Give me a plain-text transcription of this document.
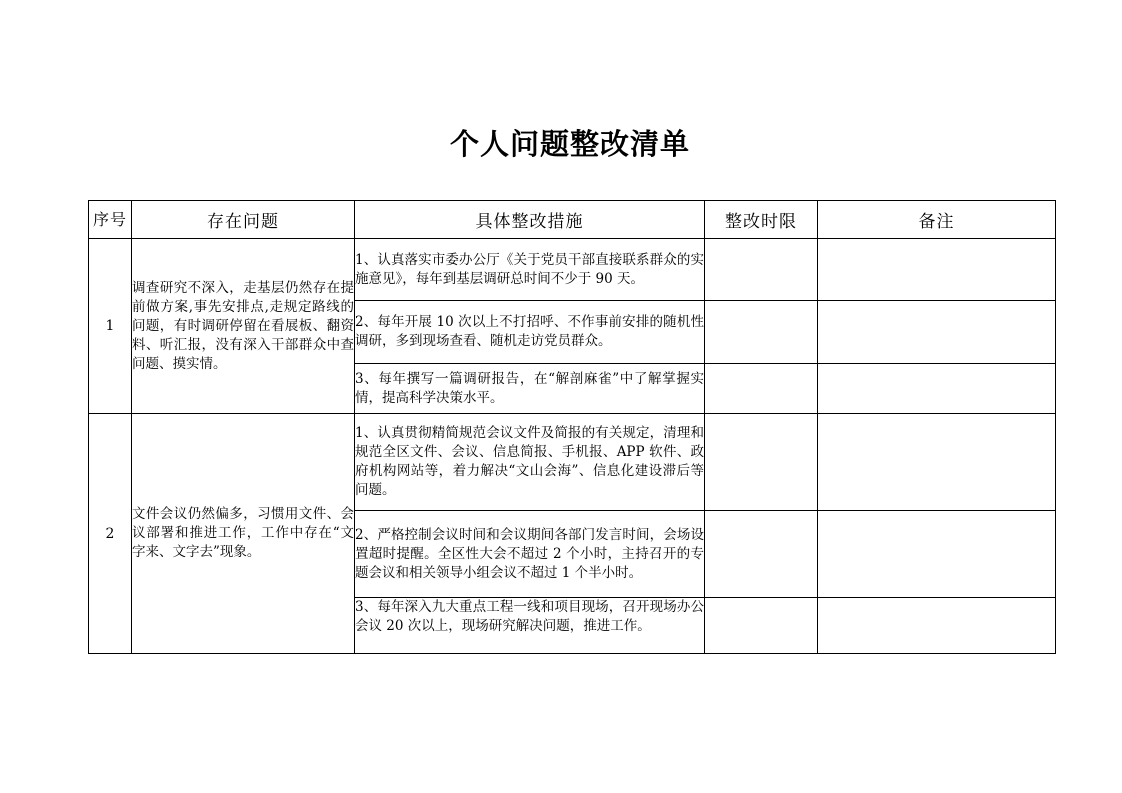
个人问题整改清单
序号	存在问题	具体整改措施	整改时限	备注
1	调查研究不深入，走基层仍然存在提前做方案,事先安排点,走规定路线的问题，有时调研停留在看展板、翻资料、听汇报，没有深入干部群众中查问题、摸实情。	1、认真落实市委办公厅《关于党员干部直接联系群众的实施意见》，每年到基层调研总时间不少于 90 天。		
		2、每年开展 10 次以上不打招呼、不作事前安排的随机性调研，多到现场查看、随机走访党员群众。		
		3、每年撰写一篇调研报告，在“解剖麻雀”中了解掌握实情，提高科学决策水平。		
2	文件会议仍然偏多，习惯用文件、会议部署和推进工作，工作中存在“文字来、文字去”现象。	1、认真贯彻精简规范会议文件及简报的有关规定，清理和规范全区文件、会议、信息简报、手机报、APP 软件、政府机构网站等，着力解决“文山会海”、信息化建设滞后等问题。		
		2、严格控制会议时间和会议期间各部门发言时间，会场设置超时提醒。全区性大会不超过 2 个小时，主持召开的专题会议和相关领导小组会议不超过 1 个半小时。		
		3、每年深入九大重点工程一线和项目现场，召开现场办公会议 20 次以上，现场研究解决问题，推进工作。		
